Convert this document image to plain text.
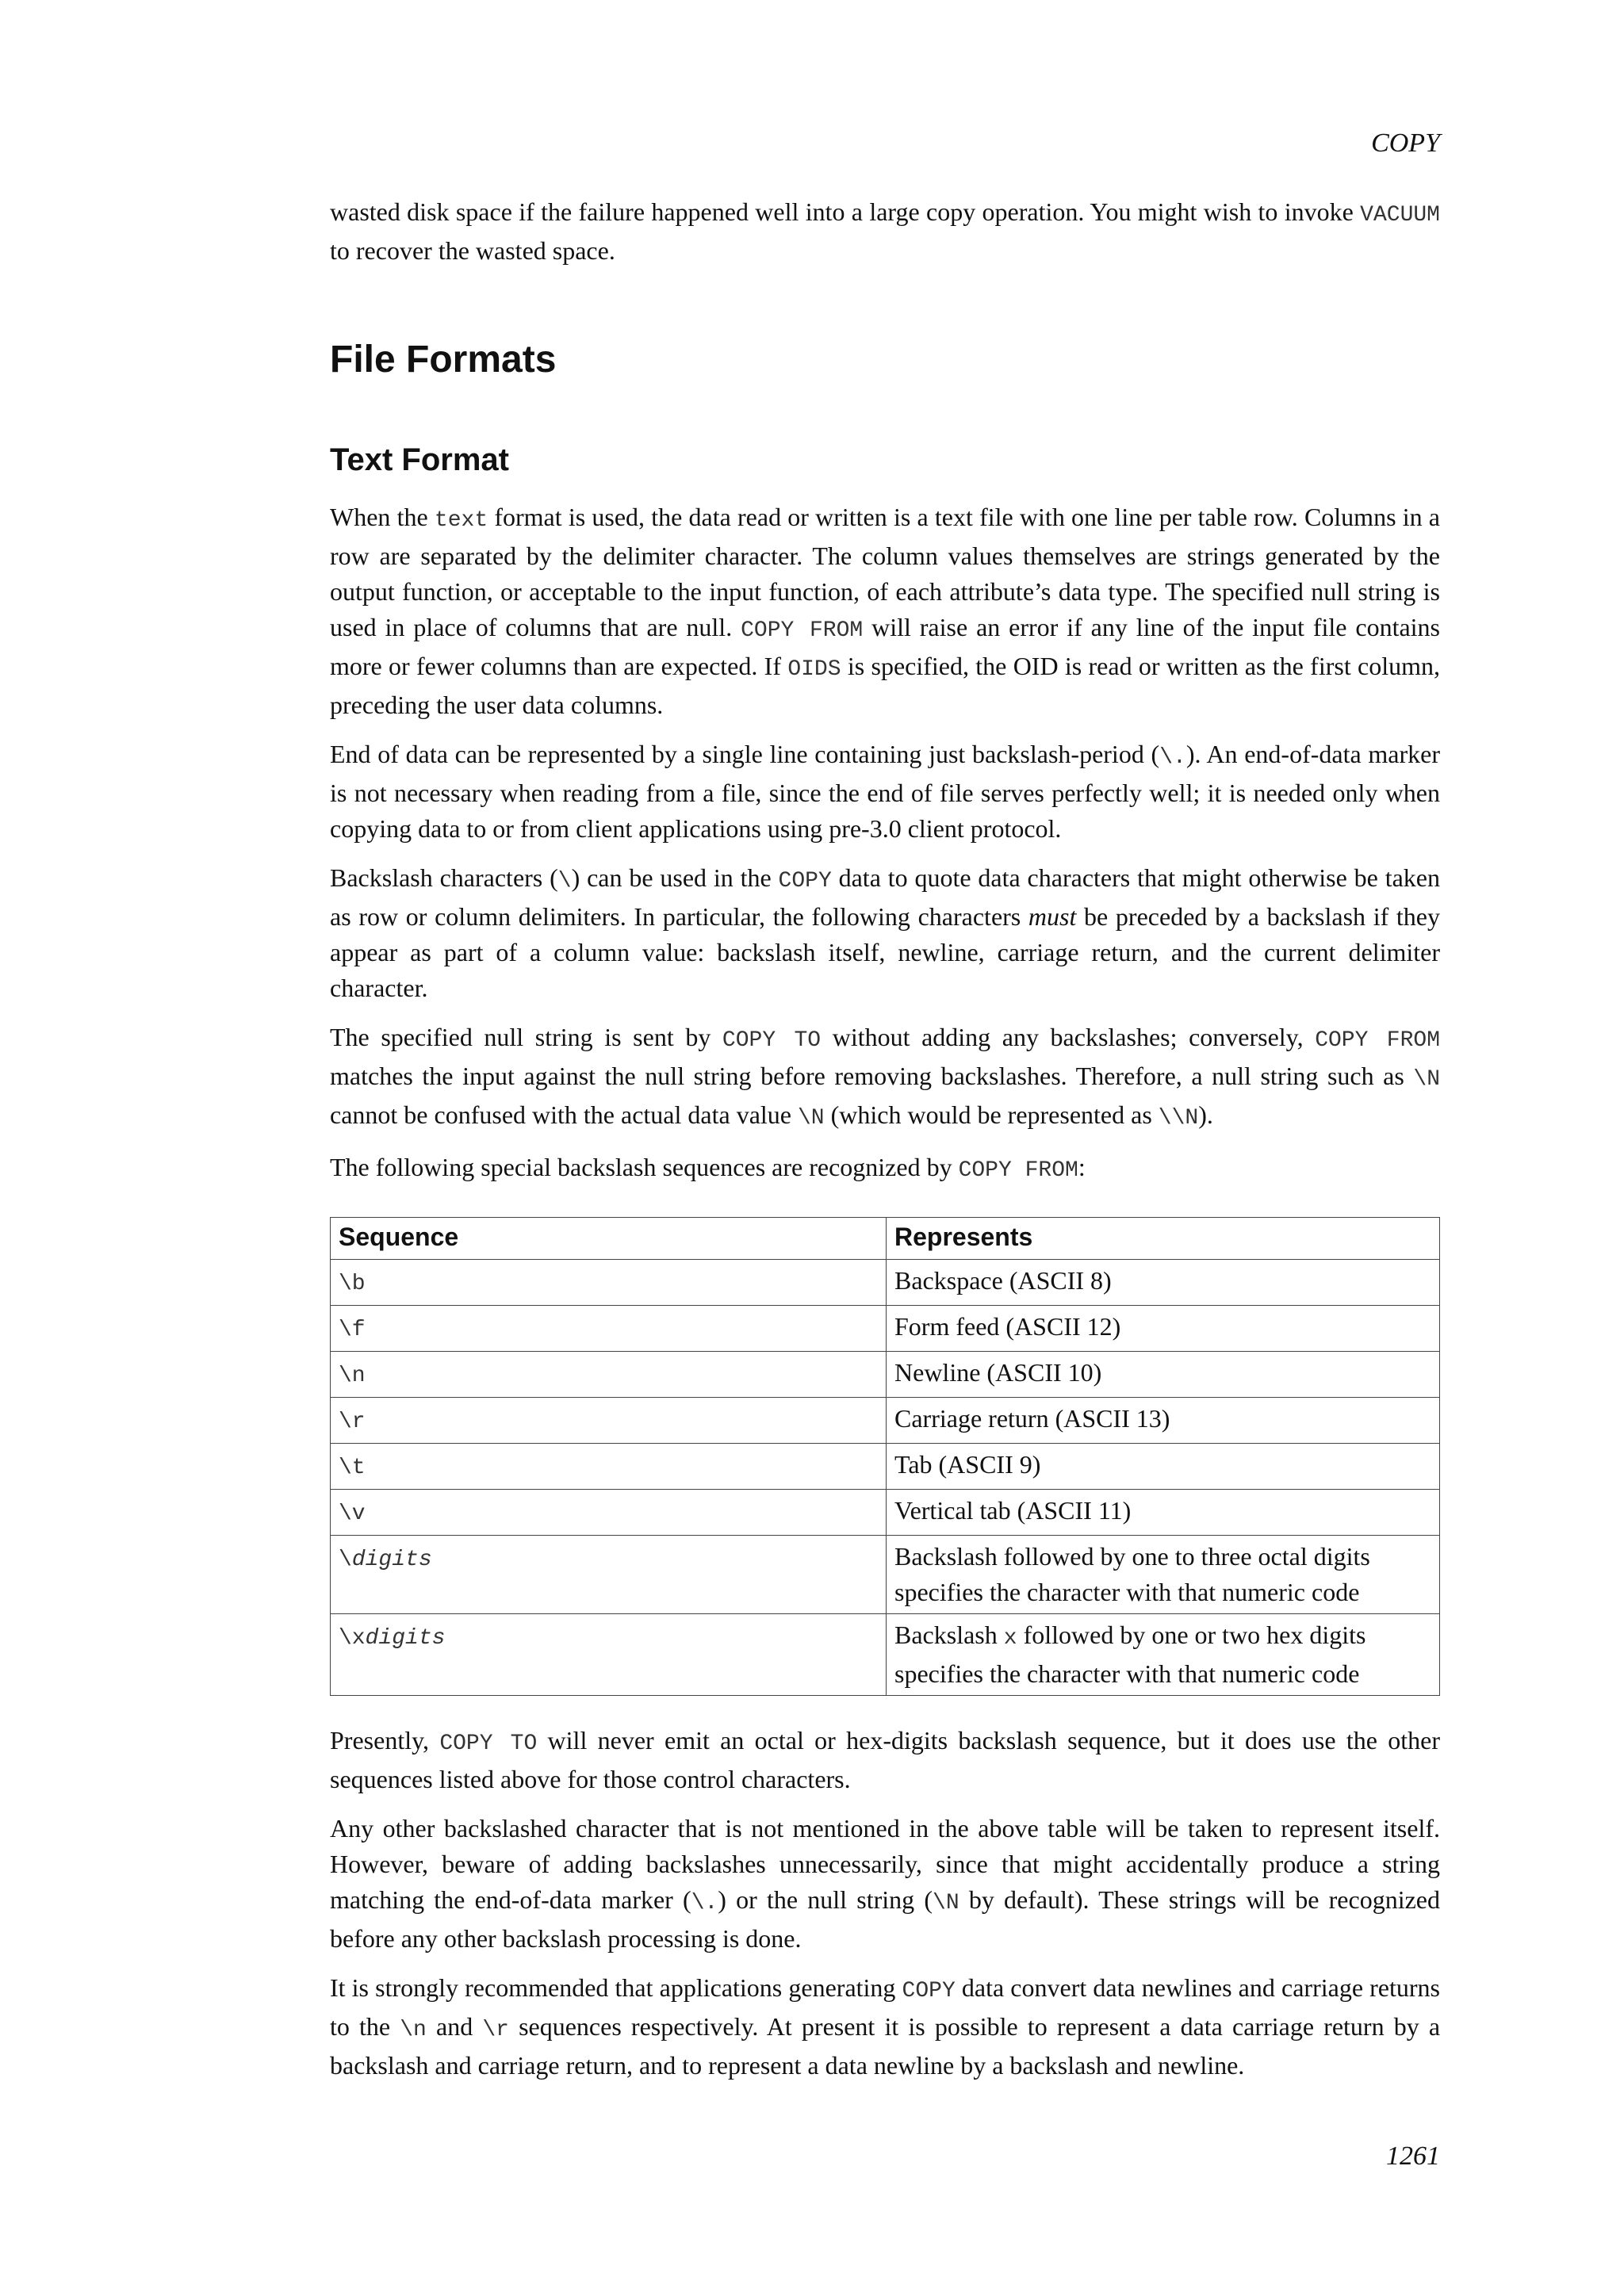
COPY

wasted disk space if the failure happened well into a large copy operation. You might wish to invoke VACUUM to recover the wasted space.

File Formats
Text Format

When the text format is used, the data read or written is a text file with one line per table row. Columns in a row are separated by the delimiter character. The column values themselves are strings generated by the output function, or acceptable to the input function, of each attribute’s data type. The specified null string is used in place of columns that are null. COPY FROM will raise an error if any line of the input file contains more or fewer columns than are expected. If OIDS is specified, the OID is read or written as the first column, preceding the user data columns.

End of data can be represented by a single line containing just backslash-period (\.). An end-of-data marker is not necessary when reading from a file, since the end of file serves perfectly well; it is needed only when copying data to or from client applications using pre-3.0 client protocol.

Backslash characters (\) can be used in the COPY data to quote data characters that might otherwise be taken as row or column delimiters. In particular, the following characters must be preceded by a backslash if they appear as part of a column value: backslash itself, newline, carriage return, and the current delimiter character.

The specified null string is sent by COPY TO without adding any backslashes; conversely, COPY FROM matches the input against the null string before removing backslashes. Therefore, a null string such as \N cannot be confused with the actual data value \N (which would be represented as \\N).

The following special backslash sequences are recognized by COPY FROM:

Sequence	Represents
\b	Backspace (ASCII 8)
\f	Form feed (ASCII 12)
\n	Newline (ASCII 10)
\r	Carriage return (ASCII 13)
\t	Tab (ASCII 9)
\v	Vertical tab (ASCII 11)
\digits	Backslash followed by one to three octal digits specifies the character with that numeric code
\xdigits	Backslash x followed by one or two hex digits specifies the character with that numeric code

Presently, COPY TO will never emit an octal or hex-digits backslash sequence, but it does use the other sequences listed above for those control characters.

Any other backslashed character that is not mentioned in the above table will be taken to represent itself. However, beware of adding backslashes unnecessarily, since that might accidentally produce a string matching the end-of-data marker (\.) or the null string (\N by default). These strings will be recognized before any other backslash processing is done.

It is strongly recommended that applications generating COPY data convert data newlines and carriage returns to the \n and \r sequences respectively. At present it is possible to represent a data carriage return by a backslash and carriage return, and to represent a data newline by a backslash and newline.

1261
